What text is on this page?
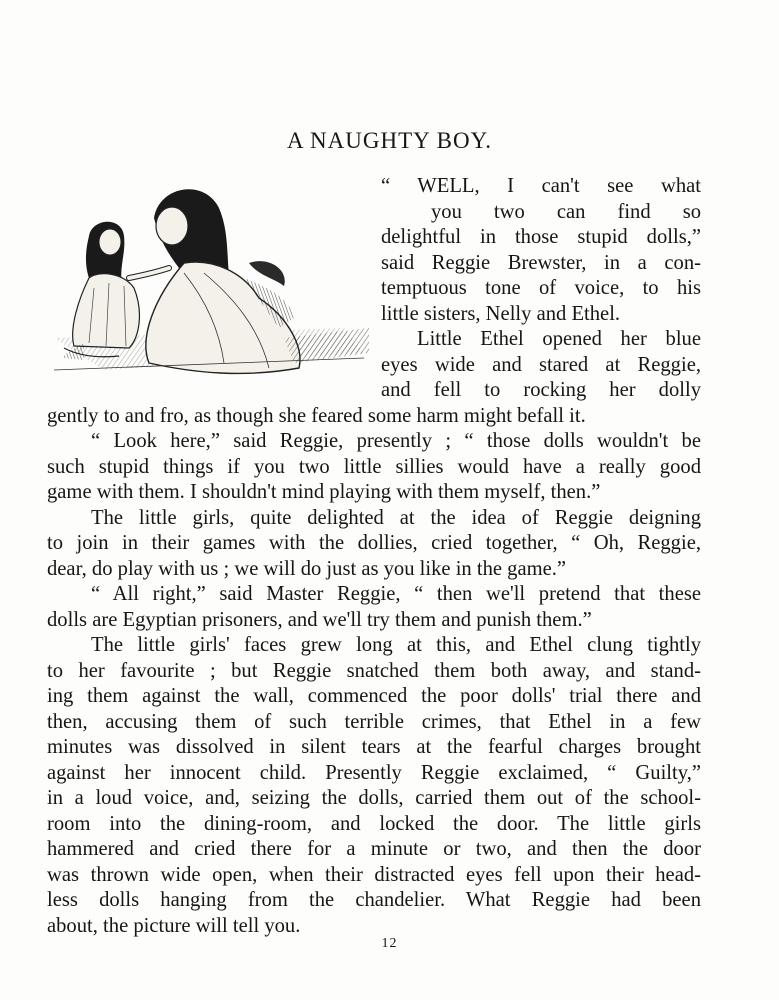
A NAUGHTY BOY.
“ WELL, I can't see what
you two can find so
delightful in those stupid dolls,”
said Reggie Brewster, in a con-
temptuous tone of voice, to his
little sisters, Nelly and Ethel.
Little Ethel opened her blue
eyes wide and stared at Reggie,
and fell to rocking her dolly
gently to and fro, as though she feared some harm might befall it.
“ Look here,” said Reggie, presently ; “ those dolls wouldn't be
such stupid things if you two little sillies would have a really good
game with them. I shouldn't mind playing with them myself, then.”
The little girls, quite delighted at the idea of Reggie deigning
to join in their games with the dollies, cried together, “ Oh, Reggie,
dear, do play with us ; we will do just as you like in the game.”
“ All right,” said Master Reggie, “ then we'll pretend that these
dolls are Egyptian prisoners, and we'll try them and punish them.”
The little girls' faces grew long at this, and Ethel clung tightly
to her favourite ; but Reggie snatched them both away, and stand-
ing them against the wall, commenced the poor dolls' trial there and
then, accusing them of such terrible crimes, that Ethel in a few
minutes was dissolved in silent tears at the fearful charges brought
against her innocent child. Presently Reggie exclaimed, “ Guilty,”
in a loud voice, and, seizing the dolls, carried them out of the school-
room into the dining-room, and locked the door. The little girls
hammered and cried there for a minute or two, and then the door
was thrown wide open, when their distracted eyes fell upon their head-
less dolls hanging from the chandelier. What Reggie had been
about, the picture will tell you.
12
